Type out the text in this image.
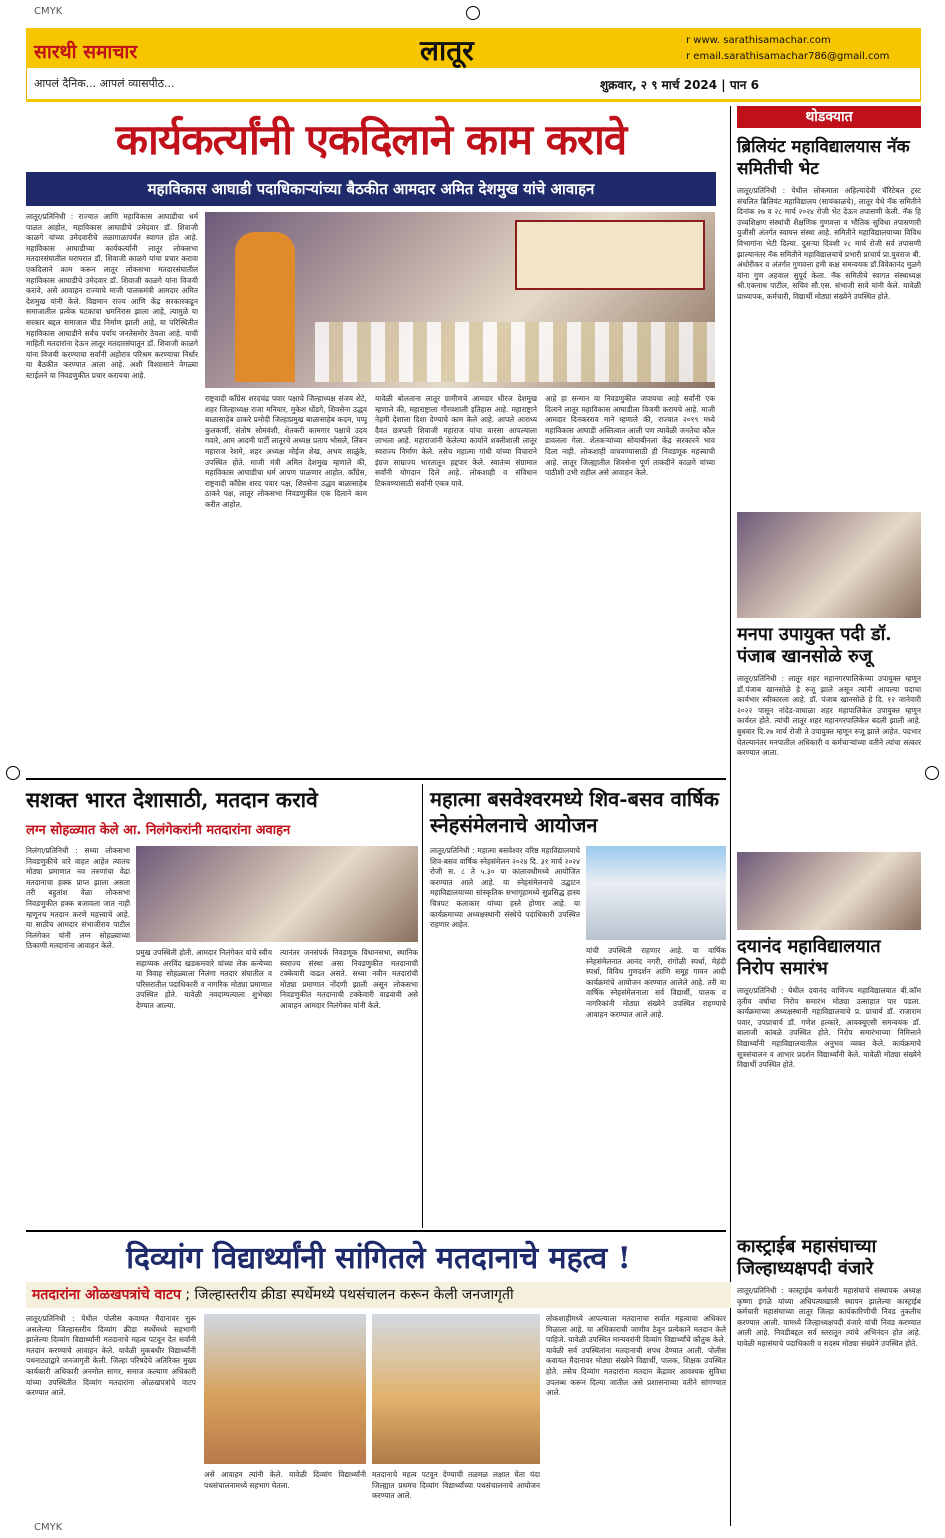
CMYK
CMYK
सारथी समाचार
आपलं दैनिक... आपलं व्यासपीठ...
लातूर	r www. sarathisamachar.com
r email.sarathisamachar786@gmail.com
शुक्रवार, २ ९ मार्च 2024 | पान 6
कार्यकर्त्यांनी एकदिलाने काम करावे
महाविकास आघाडी पदाधिकाऱ्यांच्या बैठकीत आमदार अमित देशमुख यांचे आवाहन
लातूर/प्रतिनिधी : राज्यात आणि महाविकास आघाडीचा धर्म पाळत आहोत, महाविकास आघाडीचे उमेदवार डॉ. शिवाजी काळगे यांच्या उमेदवारीचे तळागाळापर्यंत स्वागत होत आहे. महाविकास आघाडीच्या कार्यकर्त्यांनी लातूर लोकसभा मतदारसंघातील घराघरात डॉ. शिवाजी काळगे यांचा प्रचार करावा एकदिलाने काम करून लातूर लोकसभा मतदारसंघातील महाविकास आघाडीचे उमेदवार डॉ. शिवाजी काळगे यांना विजयी करावे, असे आवाहन राज्याचे माजी पालकमंत्री आमदार अमित देशमुख यांनी केले. विद्यमान राज्य आणि केंद्र सरकारकडून समाजातील प्रत्येक घटकाचा भ्रमनिरास झाला आहे, त्यामुळे या सरकार बद्दल समाजात चीड निर्माण झाली आहे, या परिस्थितीत महाविकास आघाडीने सर्वच पर्याय जनतेसमोर ठेवला आहे. याची माहिती मतदारांना देऊन लातूर मतदारसंघातून डॉ. शिवाजी काळगे यांना विजयी करण्याचा सर्वांनी अहोरात्र परिश्रम करण्याचा निर्धार या बैठकीत करण्यात आला आहे. अशी विश्वासाने वेगळ्या स्टाईलने या निवडणुकीत प्रचार करायचा आहे.
राष्ट्रवादी काँग्रेस शरदचंद्र पवार पक्षाचे जिल्हाध्यक्ष संजय शेटे, शहर जिल्हाध्यक्ष राजा मनियार, मुकेश धोंडगे, शिवसेना उद्धव बाळासाहेब ठाकरे प्रमोदी जिल्हाप्रमुख बाळासाहेब कदम, पप्पू कुलकर्णी, संतोष सोमवंशी, शेतकरी कामगार पक्षाचे उदय गवारे, आम आदमी पार्टी लातूरचे अध्यक्ष प्रताप भोसले, लिंबन महाराज रेशमे, शहर अध्यक्ष मोईज शेख, अभय साळुंके, उपस्थित होते. माजी मंत्री अमित देशमुख म्हणाले की, महाविकास आघाडीचा धर्म आपण पाळणार आहोत. काँग्रेस, राष्ट्रवादी काँग्रेस शरद पवार पक्ष, शिवसेना उद्धव बाळासाहेब ठाकरे पक्ष, लातूर लोकसभा निवडणुकीत एक दिलाने काम करीत आहोत.
यावेळी बोलताना लातूर ग्रामीणचे आमदार धीरज देशमुख म्हणाले की, महाराष्ट्राला गौरवशाली इतिहास आहे. महाराष्ट्राने नेहमी देशाला दिशा देण्याचे काम केले आहे. आपले आराध्य दैवत छत्रपती शिवाजी महाराज यांचा वारसा आपल्याला लाभला आहे. महाराजांनी केलेल्या कार्याने शक्तीशाली लातूर स्वराज्य निर्माण केले. तसेच महात्मा गांधी यांच्या विचाराने इंग्रज साम्राज्य भारतातून हद्दपार केले. स्वातंत्र्य संग्रामात सर्वांनी योगदान दिले आहे. लोकशाही व संविधान टिकवण्यासाठी सर्वांनी एकत्र यावे.
आहे हा सन्मान या निवडणुकीत जपायचा आहे सर्वांनी एक दिलाने लातूर महाविकास आघाडीला विजयी करायचे आहे. माजी आमदार दिनकरराव माने म्हणाले की, राज्यात २०१९ मध्ये महाविकास आघाडी अस्तित्वात आली पण त्यावेळी जनतेचा कौल डावलला गेला. शेतकऱ्यांच्या सोयाबीनला केंद्र सरकारने भाव दिला नाही. लोकशाही वाचवण्यासाठी ही निवडणूक महत्त्वाची आहे. लातूर जिल्ह्यातील शिवसेना पूर्ण ताकदीने काळगे यांच्या पाठीशी उभी राहील असे आवाहन केले.
थोडक्यात
ब्रिलियंट महाविद्यालयास नॅक समितीची भेट
लातूर/प्रतिनिधी : येथील लोकमाता अहिल्यादेवी चॅरिटेबल ट्रस्ट संचलित ब्रिलियंट महाविद्यालय (सायंकाळचे), लातूर येथे नॅक समितीने दिनांक २७ व २८ मार्च २०२४ रोजी भेट देऊन तपासणी केली. नॅक हि उच्चशिक्षण संस्थांची शैक्षणिक गुणवत्ता व भौतिक सुविधा तपासणारी युजीसी अंतर्गत स्वायत्त संस्था आहे. समितीने महाविद्यालयाच्या विविध विभागांना भेटी दिल्या. दुसऱ्या दिवशी २८ मार्च रोजी सर्व तपासणी झाल्यानंतर नॅक समितीने महाविद्यालयाचे प्रभारी प्राचार्य प्रा.युवराज बी. अंधोरीकर व अंतर्गत गुणवत्ता हमी कक्ष समन्वयक डॉ.विवेकानंद मुळगे यांना गुण अहवाल सुपूर्द केला. नॅक समितीचे स्वागत संस्थाध्यक्ष श्री.एकनाथ पाटील, सचिव सौ.एस. संभाजी सावे यांनी केले. यावेळी प्राध्यापक, कर्मचारी, विद्यार्थी मोठ्या संख्येने उपस्थित होते.
मनपा उपायुक्त पदी डॉ. पंजाब खानसोळे रुजू
लातूर/प्रतिनिधी : लातूर शहर महानगरपालिकेच्या उपायुक्त म्हणून डॉ.पंजाब खानसोळे हे रुजू झाले असून त्यांनी आपल्या पदाचा कार्यभार स्वीकारला आहे. डॉ. पंजाब खानसोळे हे दि. १२ जानेवारी २०२२ पासून नांदेड-वाघाळा शहर महापालिकेत उपायुक्त म्हणून कार्यरत होते. त्यांची लातूर शहर महानगरपालिकेत बदली झाली आहे. बुधवार दि.२७ मार्च रोजी ते उपायुक्त म्हणून रुजू झाले आहेत. पदभार घेतल्यानंतर मनपातील अधिकारी व कर्मचाऱ्यांच्या वतीने त्यांचा सत्कार करण्यात आला.
दयानंद महाविद्यालयात निरोप समारंभ
लातूर/प्रतिनिधी : येथील दयानंद वाणिज्य महाविद्यालयात बी.कॉम तृतीय वर्षाचा निरोप समारंभ मोठ्या उत्साहात पार पडला. कार्यक्रमाच्या अध्यक्षस्थानी महाविद्यालयाचे प्र. प्राचार्य डॉ. राजाराम पवार, उपप्राचार्य डॉ. गणेश हल्कारे, आयक्यूएसी समन्वयक डॉ. बालाजी कांबळे उपस्थित होते. निरोप समारंभाच्या निमित्ताने विद्यार्थ्यांनी महाविद्यालयातील अनुभव व्यक्त केले. कार्यक्रमाचे सूत्रसंचालन व आभार प्रदर्शन विद्यार्थ्यांनी केले. यावेळी मोठ्या संख्येने विद्यार्थी उपस्थित होते.
कास्ट्राईब महासंघाच्या जिल्हाध्यक्षपदी वंजारे
लातूर/प्रतिनिधी : कास्ट्राईब कर्मचारी महासंघाचे संस्थापक अध्यक्ष कृष्णा इंगळे यांच्या अधिपत्याखाली स्थापन झालेल्या कास्ट्राईब कर्मचारी महासंघाच्या लातूर जिल्हा कार्यकारिणीची निवड नुकतीच करण्यात आली. यामध्ये जिल्हाध्यक्षपदी वंजारे यांची निवड करण्यात आली आहे. निवडीबद्दल सर्व स्तरातून त्यांचे अभिनंदन होत आहे. यावेळी महासंघाचे पदाधिकारी व सदस्य मोठ्या संख्येने उपस्थित होते.
सशक्त भारत देशासाठी, मतदान करावे
लग्न सोहळ्यात केले आ. निलंगेकरांनी मतदारांना अवाहन
निलंगा/प्रतिनिधी : सध्या लोकसभा निवडणुकीचे वारे वाहत आहेत त्यातच मोठ्या प्रमाणात नव तरुणांचा वेढा मतदानाचा हक्क प्राप्त झाला असता तरी बहुतांश वेळा लोकसभा निवडणुकीत हक्क बजावला जात नाही म्हणूनच मतदान करणे महत्त्वाचे आहे. या साठीच आमदार संभाजीराव पाटील निलंगेकर यांनी लग्न सोहळ्याच्या ठिकाणी मतदारांना आवाहन केले.
प्रमुख उपस्थिती होती. आमदार निलंगेकर यांचे स्वीय सहाय्यक अरविंद खडकमवारे यांच्या लेक कन्येच्या या विवाह सोहळ्याला निलंगा मतदार संघातील व परिसरातील पदाधिकारी व नागरिक मोठ्या प्रमाणात उपस्थित होते. यावेळी नवदाम्पत्याला शुभेच्छा देण्यात आल्या.
त्यानंतर जनसंपर्क निवडणूक विधानसभा, स्थानिक स्वराज्य संस्था असा निवडणुकीत मतदानाची टक्केवारी वाढत असते. सध्या नवीन मतदारांची मोठ्या प्रमाणात नोंदणी झाली असून लोकसभा निवडणुकीत मतदानाची टक्केवारी वाढवावी असे आवाहन आमदार निलंगेकर यांनी केले.
महात्मा बसवेश्वरमध्ये शिव-बसव वार्षिक स्नेहसंमेलनाचे आयोजन
लातूर/प्रतिनिधी : महात्मा बसवेश्वर वरिष्ठ महाविद्यालयाचे शिव-बसव वार्षिक स्नेहसंमेलन २०२४ दि. ३१ मार्च २०२४ रोजी स. ८ ते ५.३० या कालावधीमध्ये आयोजित करण्यात आले आहे. या स्नेहसंमेलनाचे उद्घाटन महाविद्यालयाच्या सांस्कृतिक सभागृहामध्ये सुप्रसिद्ध हास्य चित्रपट कलाकार यांच्या हस्ते होणार आहे. या कार्यक्रमाच्या अध्यक्षस्थानी संस्थेचे पदाधिकारी उपस्थित राहणार आहेत.
यांची उपस्थिती राहणार आहे. या वार्षिक स्नेहसंमेलनात आनंद नगरी, रांगोळी स्पर्धा, मेहंदी स्पर्धा, विविध गुणदर्शन आणि समूह गायन आदी कार्यक्रमांचे आयोजन करण्यात आलेले आहे. तरी या वार्षिक स्नेहसंमेलनाला सर्व विद्यार्थी, पालक व नागरिकांनी मोठ्या संख्येने उपस्थित राहण्याचे आवाहन करण्यात आले आहे.
दिव्यांग विद्यार्थ्यांनी सांगितले मतदानाचे महत्व !
मतदारांना ओळखपत्रांचे वाटप ; जिल्हास्तरीय क्रीडा स्पर्धेमध्ये पथसंचालन करून केली जनजागृती
लातूर/प्रतिनिधी : येथील पोलीस कवायत मैदानावर सुरू असलेल्या जिल्हास्तरीय दिव्यांग क्रीडा स्पर्धेमध्ये सहभागी झालेल्या दिव्यांग विद्यार्थ्यांनी मतदानाचे महत्व पटवून देत सर्वांनी मतदान करण्याचे आवाहन केले. यावेळी मुकबधीर विद्यार्थ्यांनी पथनाट्याद्वारे जनजागृती केली. जिल्हा परिषदेचे अतिरिक्त मुख्य कार्यकारी अधिकारी अनमोल सागर, समाज कल्याण अधिकारी यांच्या उपस्थितीत दिव्यांग मतदारांना ओळखपत्रांचे वाटप करण्यात आले.
असे आवाहन त्यांनी केले. यावेळी दिव्यांग विद्यार्थ्यांनी पथसंचालनामध्ये सहभाग घेतला.
मतदानाचे महत्व पटवून देण्याची तळमळ लक्षात घेता यंदा जिल्ह्यात प्रथमच दिव्यांग विद्यार्थ्यांच्या पथसंचालनाचे आयोजन करण्यात आले.
लोकशाहीमध्ये आपल्याला मतदानाचा सर्वात महत्वाचा अधिकार मिळाला आहे. या अधिकाराची जाणीव ठेवून प्रत्येकाने मतदान केले पाहिजे. यावेळी उपस्थित मान्यवरांनी दिव्यांग विद्यार्थ्यांचे कौतुक केले. यावेळी सर्व उपस्थितांना मतदानाची शपथ देण्यात आली. पोलीस कवायत मैदानावर मोठ्या संख्येने विद्यार्थी, पालक, शिक्षक उपस्थित होते. तसेच दिव्यांग मतदारांना मतदान केंद्रावर आवश्यक सुविधा उपलब्ध करून दिल्या जातील असे प्रशासनाच्या वतीने सांगण्यात आले.
